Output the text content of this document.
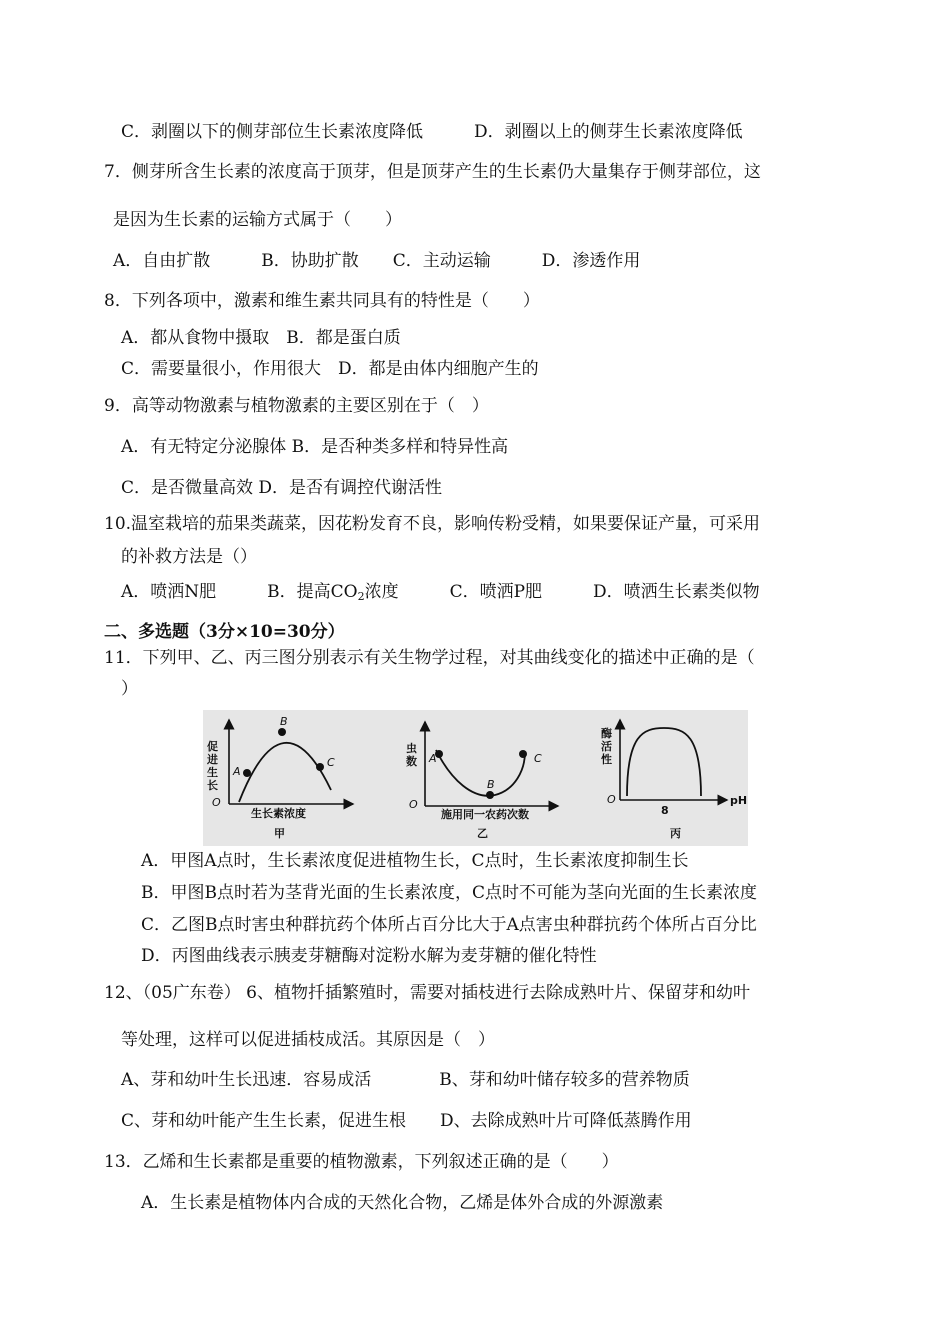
C．剥圈以下的侧芽部位生长素浓度降低　　　D．剥圈以上的侧芽生长素浓度降低
7．侧芽所含生长素的浓度高于顶芽，但是顶芽产生的生长素仍大量集存于侧芽部位，这
是因为生长素的运输方式属于（　　）
A．自由扩散　　　B．协助扩散　　C．主动运输　　　D．渗透作用
8．下列各项中，激素和维生素共同具有的特性是（　　）
A．都从食物中摄取　B．都是蛋白质
C．需要量很小，作用很大　D．都是由体内细胞产生的
9．高等动物激素与植物激素的主要区别在于（　）
A．有无特定分泌腺体 B．是否种类多样和特异性高
C．是否微量高效 D．是否有调控代谢活性
10.温室栽培的茄果类蔬菜，因花粉发育不良，影响传粉受精，如果要保证产量，可采用
的补救方法是（）
A．喷洒N肥　　　B．提高$CO_2$浓度　　　C．喷洒P肥　　　D．喷洒生长素类似物
二、多选题（3分×10=30分）
11．下列甲、乙、丙三图分别表示有关生物学过程，对其曲线变化的描述中正确的是（
）
A
B
C
促
进
生
长
O
生长素浓度
甲
A
B
C
虫
数
O
施用同一农药次数
乙
酶
活
性
O
8
pH
丙
A．甲图A点时，生长素浓度促进植物生长，C点时，生长素浓度抑制生长
B．甲图B点时若为茎背光面的生长素浓度，C点时不可能为茎向光面的生长素浓度
C．乙图B点时害虫种群抗药个体所占百分比大于A点害虫种群抗药个体所占百分比
D．丙图曲线表示胰麦芽糖酶对淀粉水解为麦芽糖的催化特性
12、（05广东卷） 6、植物扦插繁殖时，需要对插枝进行去除成熟叶片、保留芽和幼叶
等处理，这样可以促进插枝成活。其原因是（　）
A、芽和幼叶生长迅速．容易成活　　　　B、芽和幼叶储存较多的营养物质
C、芽和幼叶能产生生长素，促进生根　　D、去除成熟叶片可降低蒸腾作用
13．乙烯和生长素都是重要的植物激素，下列叙述正确的是（　　）
A．生长素是植物体内合成的天然化合物，乙烯是体外合成的外源激素
